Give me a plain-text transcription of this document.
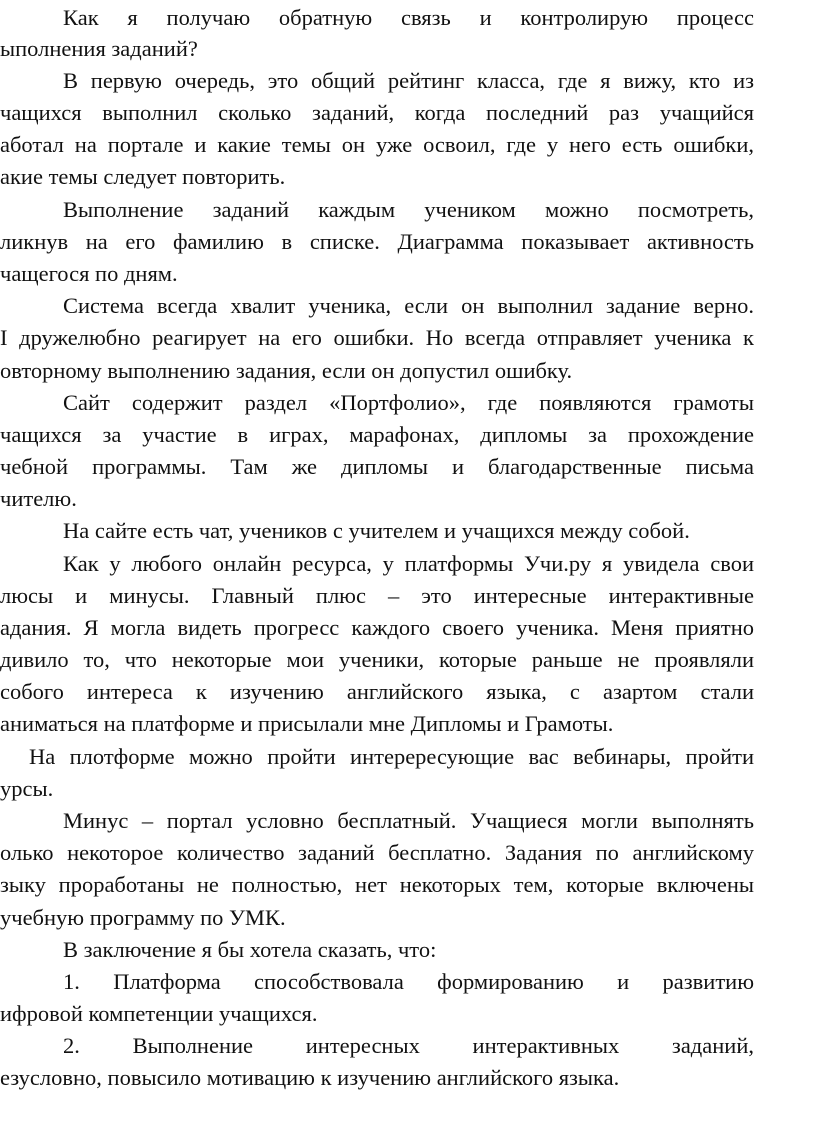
Как я получаю обратную связь и контролирую процесс
ыполнения заданий?
В первую очередь, это общий рейтинг класса, где я вижу, кто из
чащихся выполнил сколько заданий, когда последний раз учащийся
аботал на портале и какие темы он уже освоил, где у него есть ошибки,
акие темы следует повторить.
Выполнение заданий каждым учеником можно посмотреть,
ликнув на его фамилию в списке. Диаграмма показывает активность
чащегося по дням.
Система всегда хвалит ученика, если он выполнил задание верно.
I дружелюбно реагирует на его ошибки. Но всегда отправляет ученика к
овторному выполнению задания, если он допустил ошибку.
Сайт содержит раздел «Портфолио», где появляются грамоты
чащихся за участие в играх, марафонах, дипломы за прохождение
чебной программы. Там же дипломы и благодарственные письма
чителю.
На сайте есть чат, учеников с учителем и учащихся между собой.
Как у любого онлайн ресурса, у платформы Учи.ру я увидела свои
люсы и минусы. Главный плюс – это интересные интерактивные
адания. Я могла видеть прогресс каждого своего ученика. Меня приятно
дивило то, что некоторые мои ученики, которые раньше не проявляли
собого интереса к изучению английского языка, с азартом стали
аниматься на платформе и присылали мне Дипломы и Грамоты.
На плотформе можно пройти интерересующие вас вебинары, пройти
урсы.
Минус – портал условно бесплатный. Учащиеся могли выполнять
олько некоторое количество заданий бесплатно. Задания по английскому
зыку проработаны не полностью, нет некоторых тем, которые включены
учебную программу по УМК.
В заключение я бы хотела сказать, что:
1. Платформа способствовала формированию и развитию
ифровой компетенции учащихся.
2. Выполнение интересных интерактивных заданий,
езусловно, повысило мотивацию к изучению английского языка.
